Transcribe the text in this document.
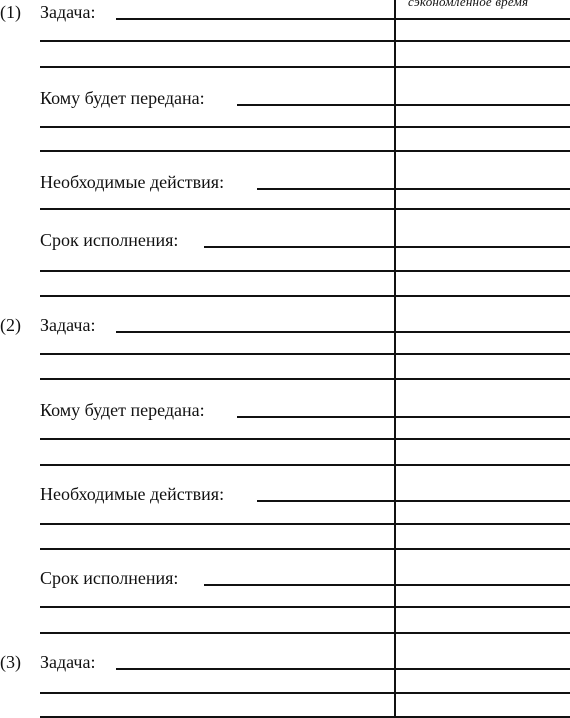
сэкономленное время
(1) Задача:
Кому будет передана:
Необходимые действия:
Срок исполнения:
(2) Задача:
Кому будет передана:
Необходимые действия:
Срок исполнения:
(3) Задача:
